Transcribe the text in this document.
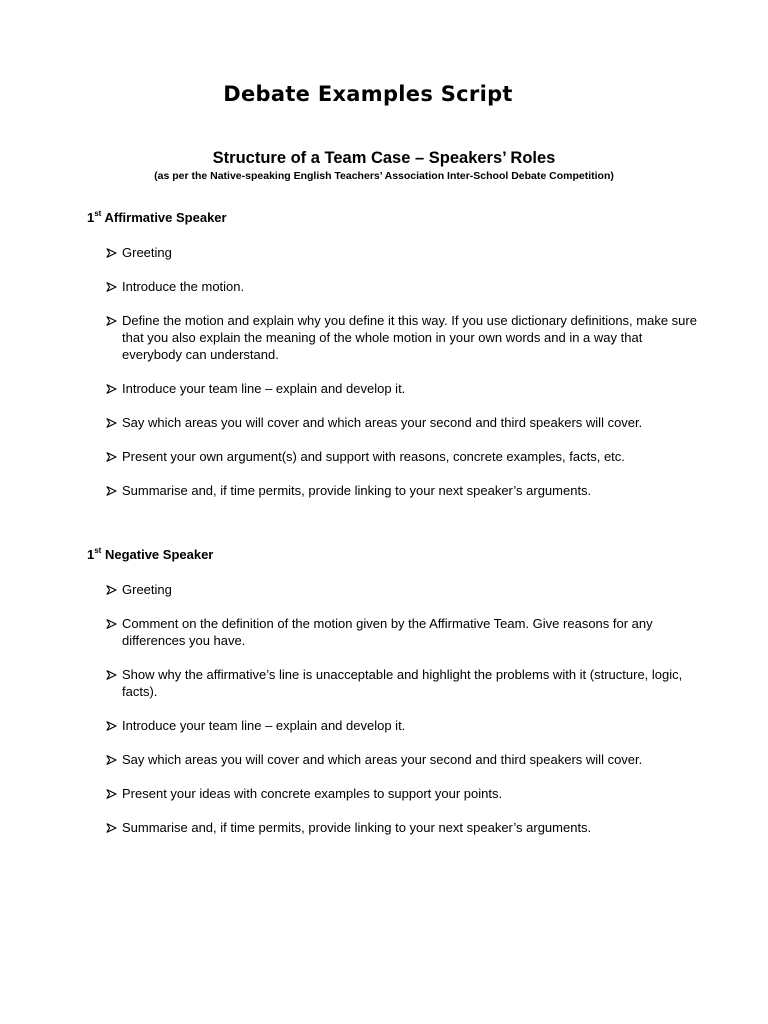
Debate Examples Script
Structure of a Team Case – Speakers’ Roles
(as per the Native-speaking English Teachers’ Association Inter-School Debate Competition)

1st Affirmative Speaker

Greeting
Introduce the motion.
Define the motion and explain why you define it this way. If you use dictionary definitions, make sure that you also explain the meaning of the whole motion in your own words and in a way that everybody can understand.
Introduce your team line – explain and develop it.
Say which areas you will cover and which areas your second and third speakers will cover.
Present your own argument(s) and support with reasons, concrete examples, facts, etc.
Summarise and, if time permits, provide linking to your next speaker’s arguments.

1st Negative Speaker

Greeting
Comment on the definition of the motion given by the Affirmative Team. Give reasons for any differences you have.
Show why the affirmative’s line is unacceptable and highlight the problems with it (structure, logic, facts).
Introduce your team line – explain and develop it.
Say which areas you will cover and which areas your second and third speakers will cover.
Present your ideas with concrete examples to support your points.
Summarise and, if time permits, provide linking to your next speaker’s arguments.
